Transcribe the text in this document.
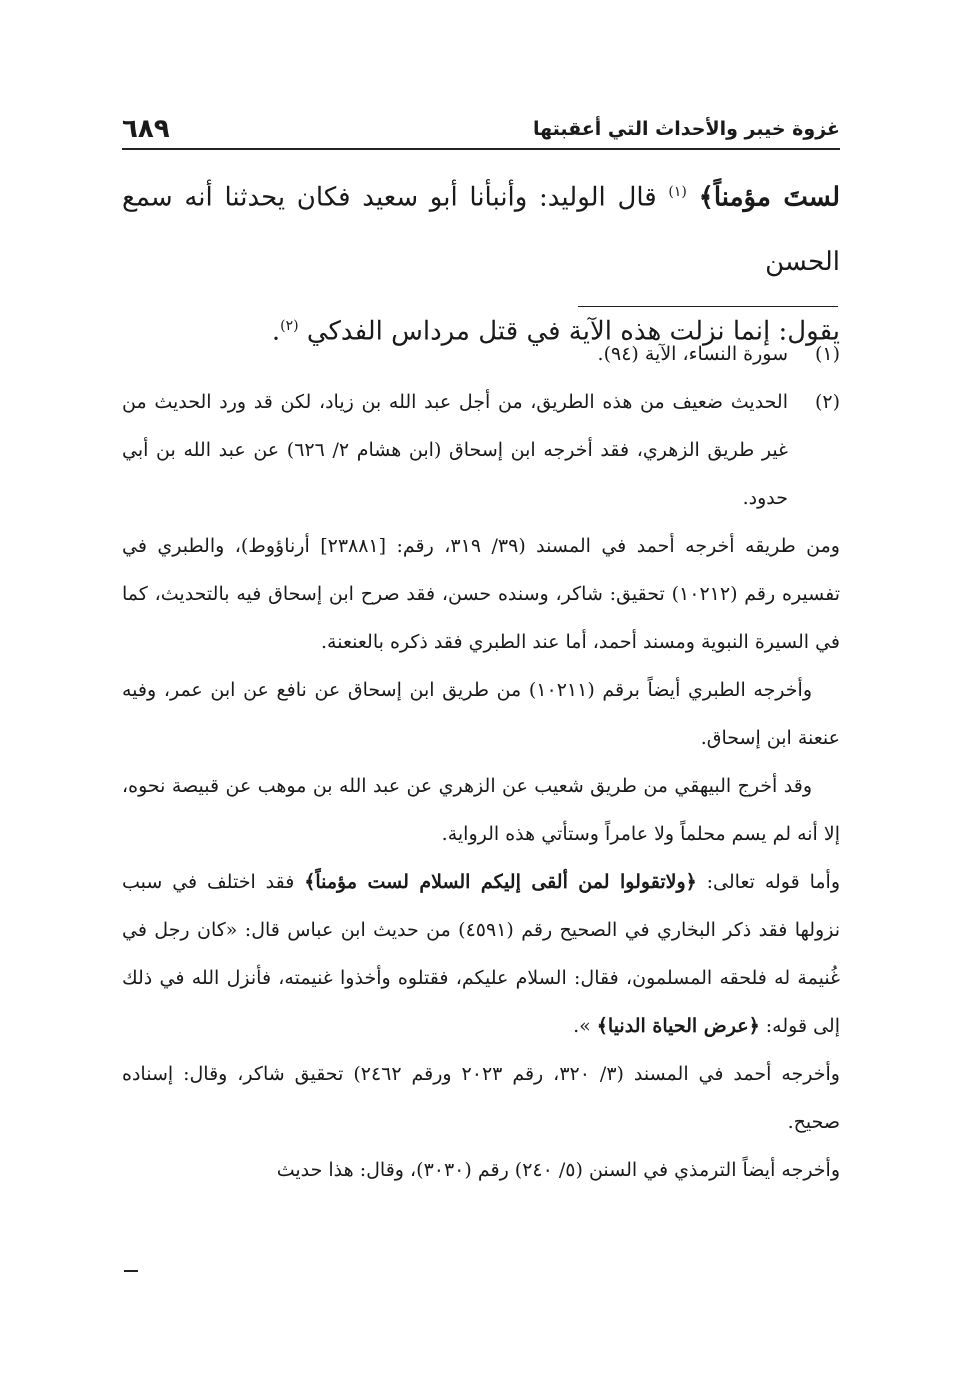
٦٨٩	غزوة خيبر والأحداث التي أعقبتها

لستَ مؤمناً﴾ $^{(١)}$ قال الوليد: وأنبأنا أبو سعيد فكان يحدثنا أنه سمع الحسن

يقول: إنما نزلت هذه الآية في قتل مرداس الفدكي $^{(٢)}$.

(١)
سورة النساء، الآية (٩٤).
(٢)
الحديث ضعيف من هذه الطريق، من أجل عبد الله بن زياد، لكن قد ورد الحديث من غير طريق الزهري، فقد أخرجه ابن إسحاق (ابن هشام ٢/ ٦٢٦) عن عبد الله بن أبي حدود.

ومن طريقه أخرجه أحمد في المسند (٣٩/ ٣١٩، رقم: [٢٣٨٨١] أرناؤوط)، والطبري في تفسيره رقم (١٠٢١٢) تحقيق: شاكر، وسنده حسن، فقد صرح ابن إسحاق فيه بالتحديث، كما في السيرة النبوية ومسند أحمد، أما عند الطبري فقد ذكره بالعنعنة.

وأخرجه الطبري أيضاً برقم (١٠٢١١) من طريق ابن إسحاق عن نافع عن ابن عمر، وفيه عنعنة ابن إسحاق.

وقد أخرج البيهقي من طريق شعيب عن الزهري عن عبد الله بن موهب عن قبيصة نحوه، إلا أنه لم يسم محلماً ولا عامراً وستأتي هذه الرواية.

وأما قوله تعالى: ﴿ولاتقولوا لمن ألقى إليكم السلام لست مؤمناً﴾ فقد اختلف في سبب نزولها فقد ذكر البخاري في الصحيح رقم (٤٥٩١) من حديث ابن عباس قال: «كان رجل في غُنيمة له فلحقه المسلمون، فقال: السلام عليكم، فقتلوه وأخذوا غنيمته، فأنزل الله في ذلك إلى قوله: ﴿عرض الحياة الدنيا﴾ ».

وأخرجه أحمد في المسند (٣/ ٣٢٠، رقم ٢٠٢٣ ورقم ٢٤٦٢) تحقيق شاكر، وقال: إسناده صحيح.

وأخرجه أيضاً الترمذي في السنن (٥/ ٢٤٠) رقم (٣٠٣٠)، وقال: هذا حديث
